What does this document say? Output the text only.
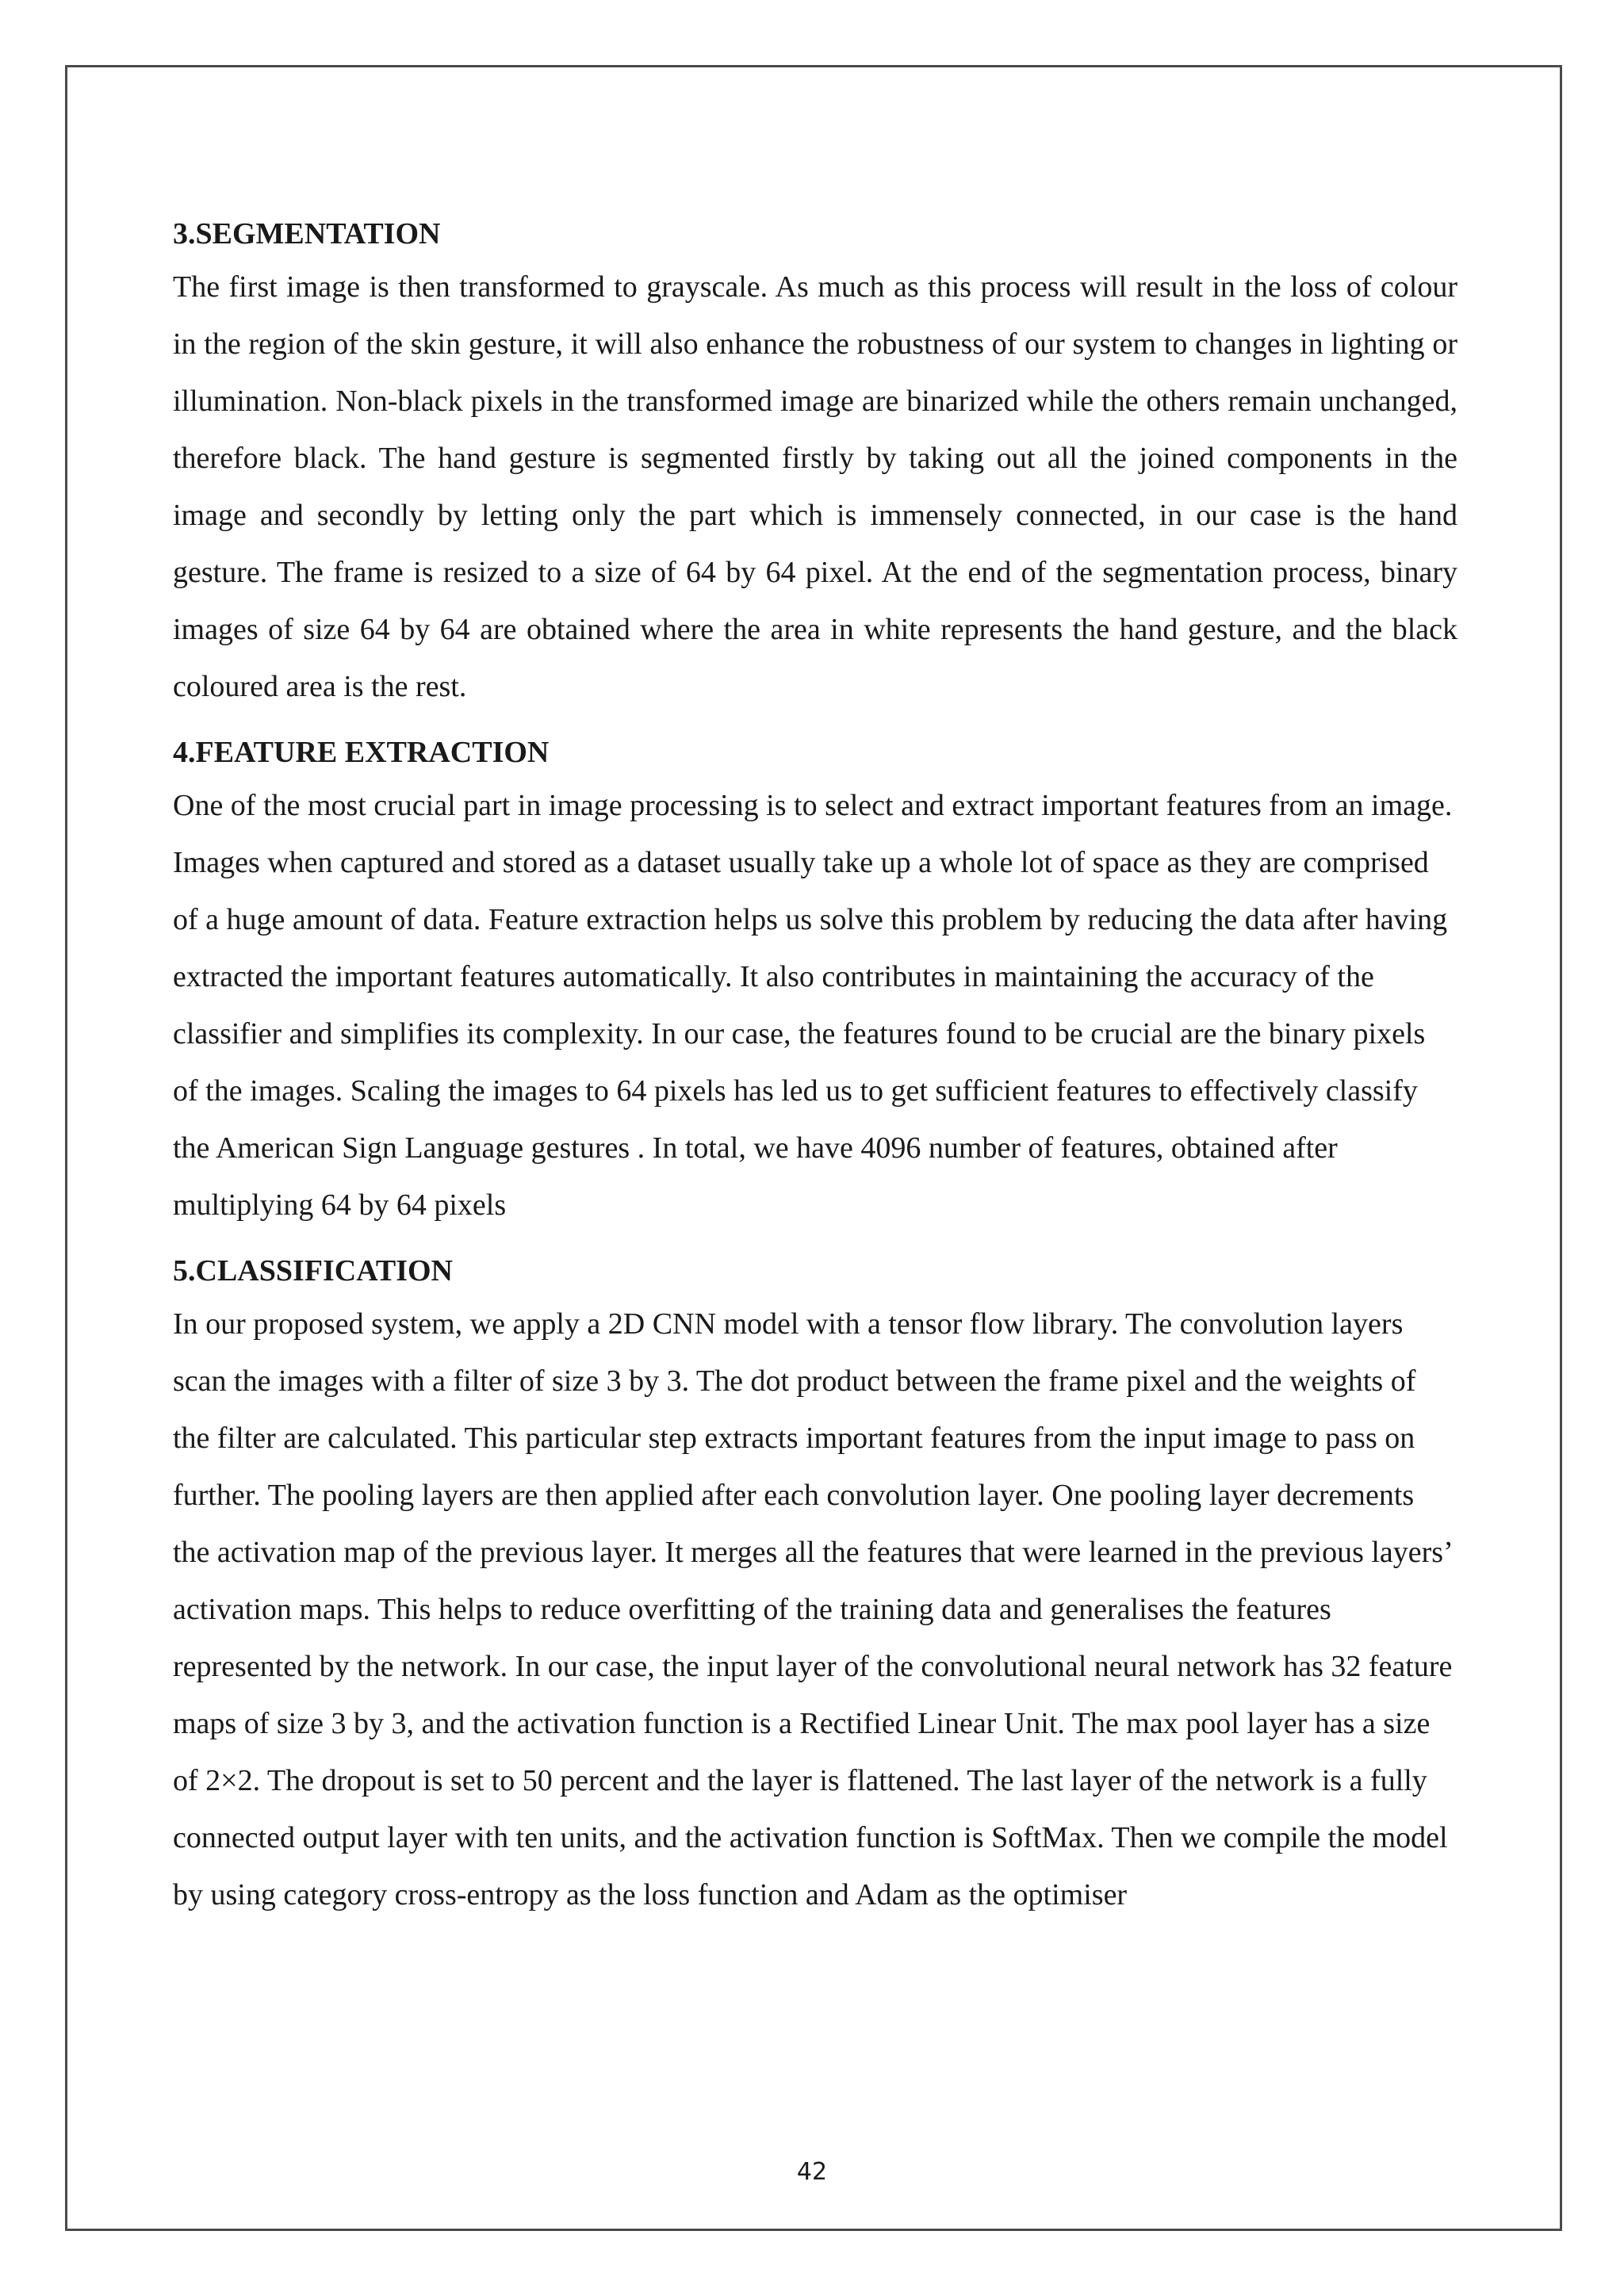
3.SEGMENTATION

The first image is then transformed to grayscale. As much as this process will result in the loss of colour in the region of the skin gesture, it will also enhance the robustness of our system to changes in lighting or illumination. Non-black pixels in the transformed image are binarized while the others remain unchanged, therefore black. The hand gesture is segmented firstly by taking out all the joined components in the image and secondly by letting only the part which is immensely connected, in our case is the hand gesture. The frame is resized to a size of 64 by 64 pixel. At the end of the segmentation process, binary images of size 64 by 64 are obtained where the area in white represents the hand gesture, and the black coloured area is the rest.

4.FEATURE EXTRACTION

One of the most crucial part in image processing is to select and extract important features from an image. Images when captured and stored as a dataset usually take up a whole lot of space as they are comprised of a huge amount of data. Feature extraction helps us solve this problem by reducing the data after having extracted the important features automatically. It also contributes in maintaining the accuracy of the classifier and simplifies its complexity. In our case, the features found to be crucial are the binary pixels of the images. Scaling the images to 64 pixels has led us to get sufficient features to effectively classify the American Sign Language gestures . In total, we have 4096 number of features, obtained after multiplying 64 by 64 pixels

5.CLASSIFICATION

In our proposed system, we apply a 2D CNN model with a tensor flow library. The convolution layers scan the images with a filter of size 3 by 3. The dot product between the frame pixel and the weights of the filter are calculated. This particular step extracts important features from the input image to pass on further. The pooling layers are then applied after each convolution layer. One pooling layer decrements the activation map of the previous layer. It merges all the features that were learned in the previous layers’ activation maps. This helps to reduce overfitting of the training data and generalises the features represented by the network. In our case, the input layer of the convolutional neural network has 32 feature maps of size 3 by 3, and the activation function is a Rectified Linear Unit. The max pool layer has a size of 2×2. The dropout is set to 50 percent and the layer is flattened. The last layer of the network is a fully connected output layer with ten units, and the activation function is SoftMax. Then we compile the model by using category cross-entropy as the loss function and Adam as the optimiser

42
